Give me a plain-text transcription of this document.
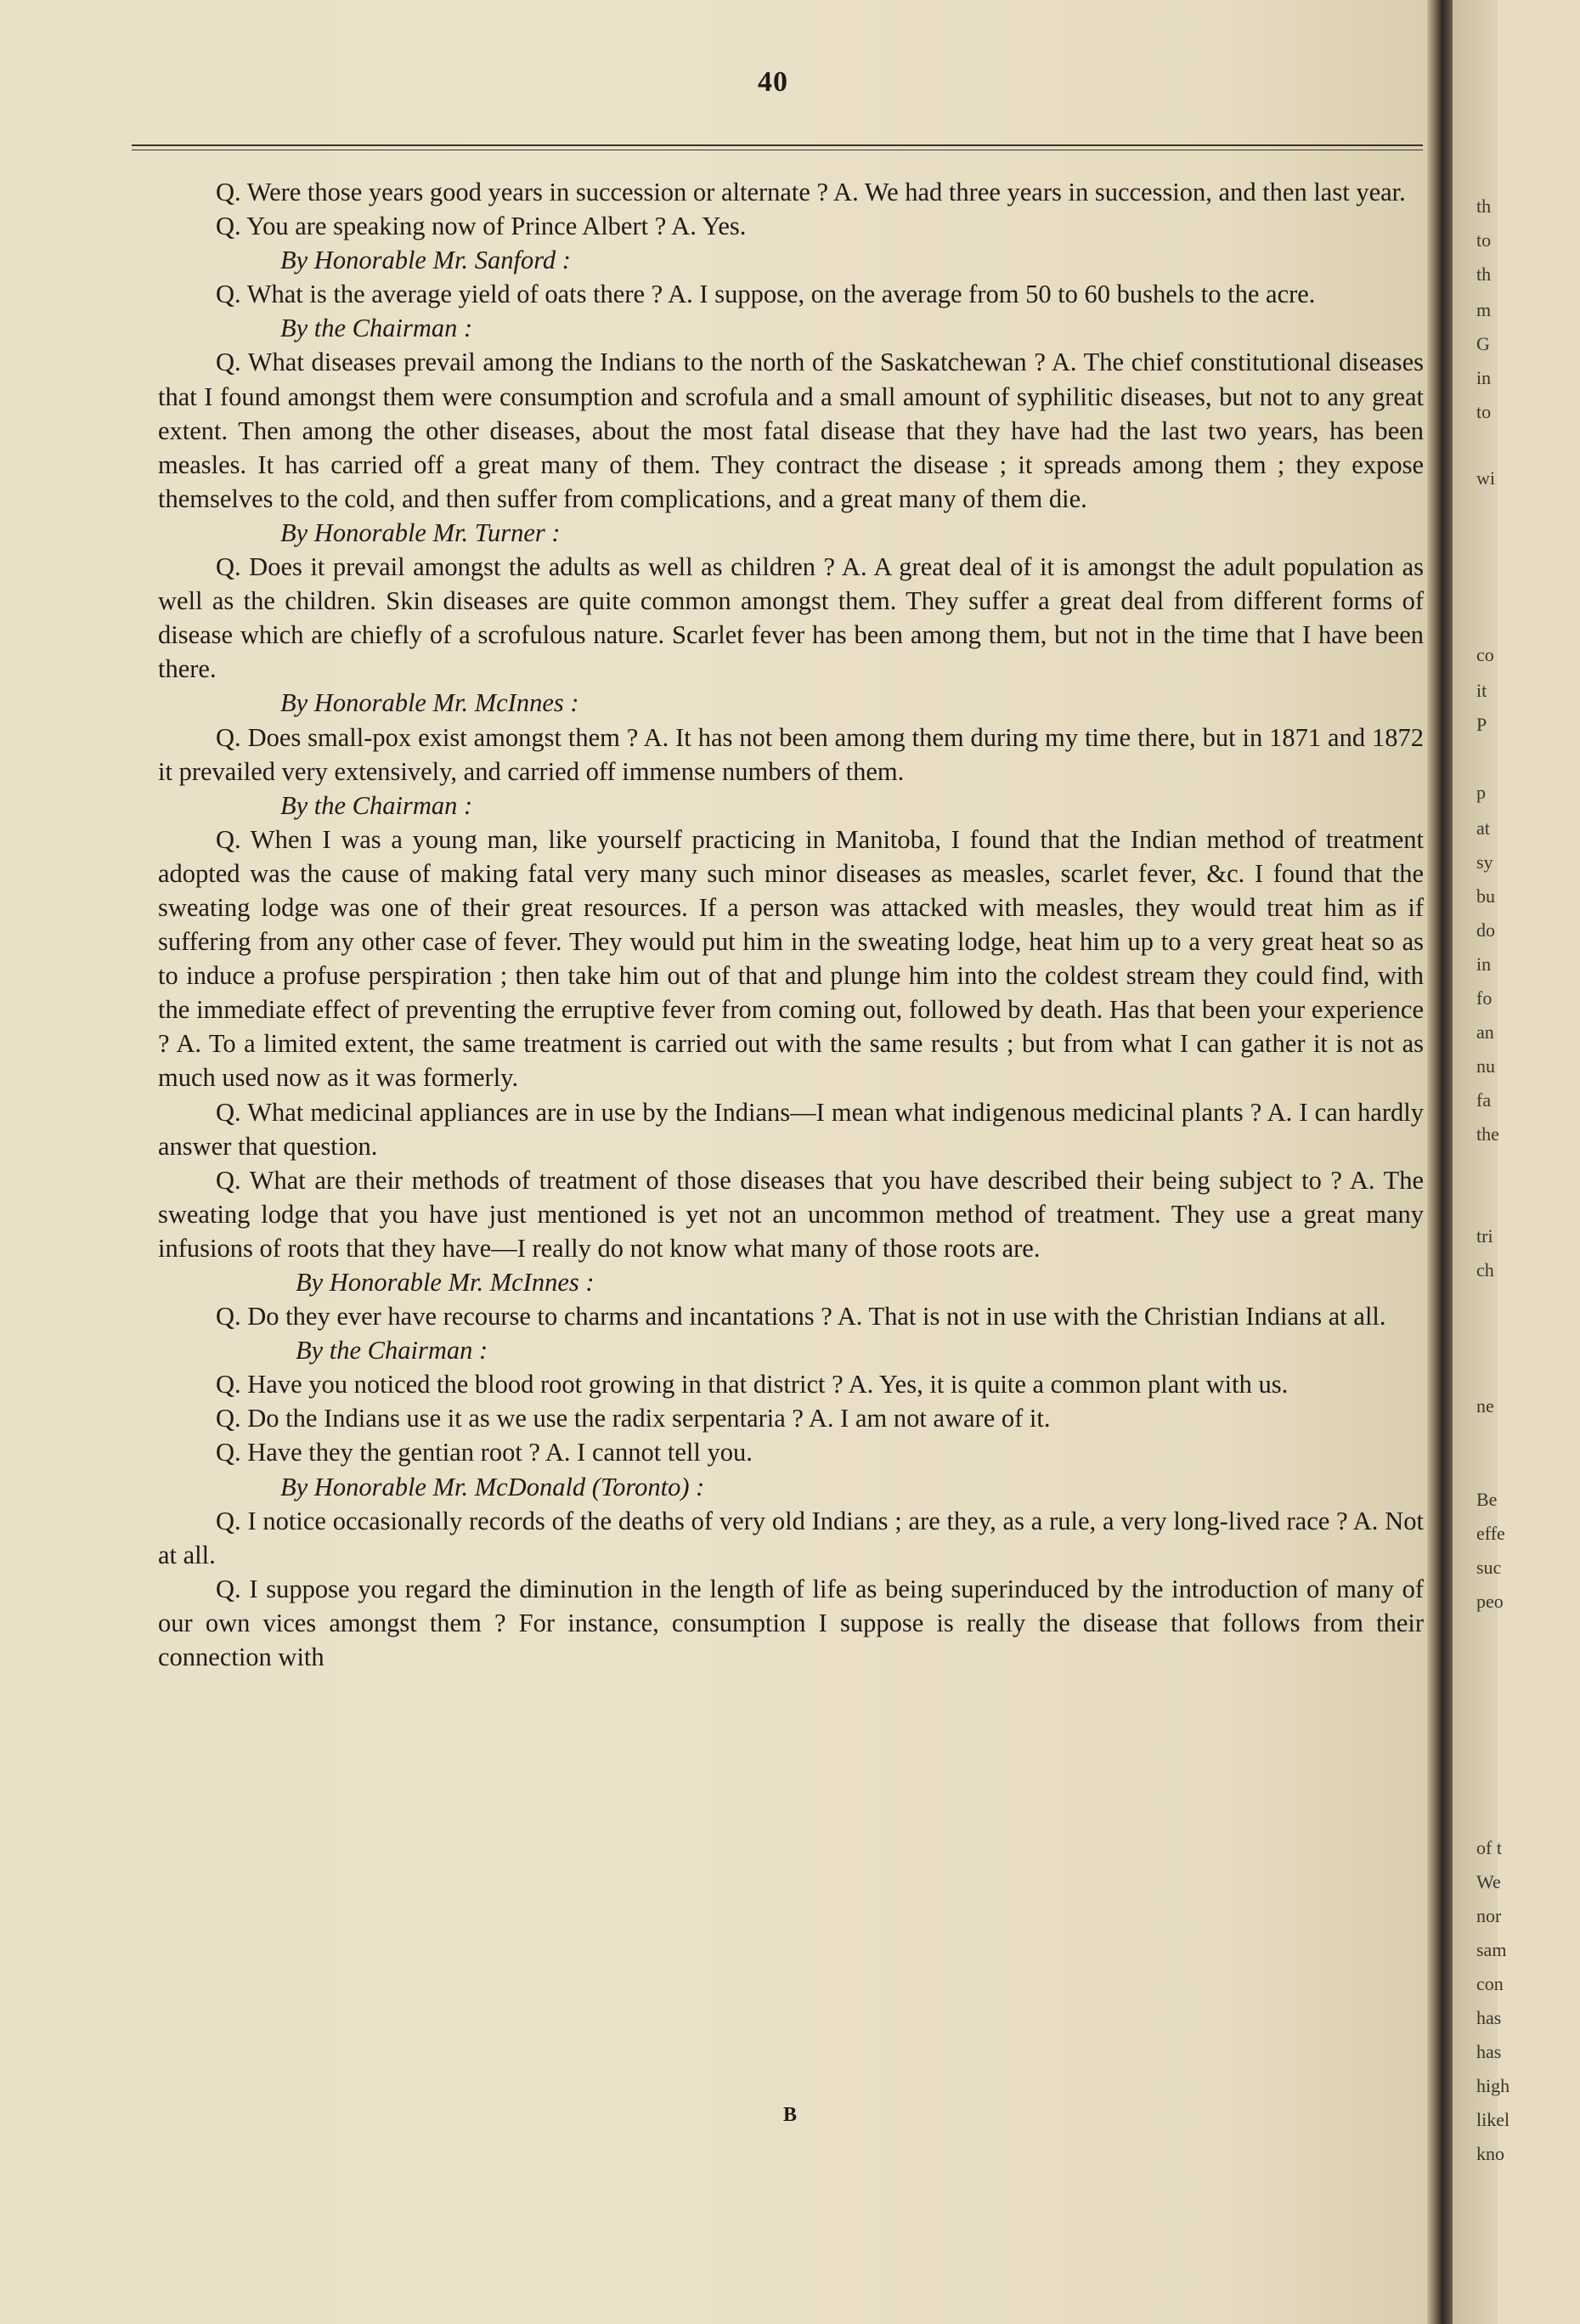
th
to
th
m
G
in
to
wi
co
it
P
p
at
sy
bu
do
in
fo
an
nu
fa
the
tri
ch
ne
Be
effe
suc
peo
of t
We
nor
sam
con
has
has
high
likel
kno
40

Q. Were those years good years in succession or alternate ? A. We had three years in succession, and then last year.

Q. You are speaking now of Prince Albert ? A. Yes.

By Honorable Mr. Sanford :

Q. What is the average yield of oats there ? A. I suppose, on the average from 50 to 60 bushels to the acre.

By the Chairman :

Q. What diseases prevail among the Indians to the north of the Saskatchewan ? A. The chief constitutional diseases that I found amongst them were consumption and scrofula and a small amount of syphilitic diseases, but not to any great extent. Then among the other diseases, about the most fatal disease that they have had the last two years, has been measles. It has carried off a great many of them. They contract the disease ; it spreads among them ; they expose themselves to the cold, and then suffer from complications, and a great many of them die.

By Honorable Mr. Turner :

Q. Does it prevail amongst the adults as well as children ? A. A great deal of it is amongst the adult population as well as the children. Skin diseases are quite common amongst them. They suffer a great deal from different forms of disease which are chiefly of a scrofulous nature. Scarlet fever has been among them, but not in the time that I have been there.

By Honorable Mr. McInnes :

Q. Does small-pox exist amongst them ? A. It has not been among them during my time there, but in 1871 and 1872 it prevailed very extensively, and carried off immense numbers of them.

By the Chairman :

Q. When I was a young man, like yourself practicing in Manitoba, I found that the Indian method of treatment adopted was the cause of making fatal very many such minor diseases as measles, scarlet fever, &c. I found that the sweating lodge was one of their great resources. If a person was attacked with measles, they would treat him as if suffering from any other case of fever. They would put him in the sweating lodge, heat him up to a very great heat so as to induce a profuse perspiration ; then take him out of that and plunge him into the coldest stream they could find, with the immediate effect of preventing the erruptive fever from coming out, followed by death. Has that been your experience ? A. To a limited extent, the same treatment is carried out with the same results ; but from what I can gather it is not as much used now as it was formerly.

Q. What medicinal appliances are in use by the Indians—I mean what indigenous medicinal plants ? A. I can hardly answer that question.

Q. What are their methods of treatment of those diseases that you have described their being subject to ? A. The sweating lodge that you have just mentioned is yet not an uncommon method of treatment. They use a great many infusions of roots that they have—I really do not know what many of those roots are.

By Honorable Mr. McInnes :

Q. Do they ever have recourse to charms and incantations ? A. That is not in use with the Christian Indians at all.

By the Chairman :

Q. Have you noticed the blood root growing in that district ? A. Yes, it is quite a common plant with us.

Q. Do the Indians use it as we use the radix serpentaria ? A. I am not aware of it.

Q. Have they the gentian root ? A. I cannot tell you.

By Honorable Mr. McDonald (Toronto) :

Q. I notice occasionally records of the deaths of very old Indians ; are they, as a rule, a very long-lived race ? A. Not at all.

Q. I suppose you regard the diminution in the length of life as being superinduced by the introduction of many of our own vices amongst them ? For instance, consumption I suppose is really the disease that follows from their connection with

B
